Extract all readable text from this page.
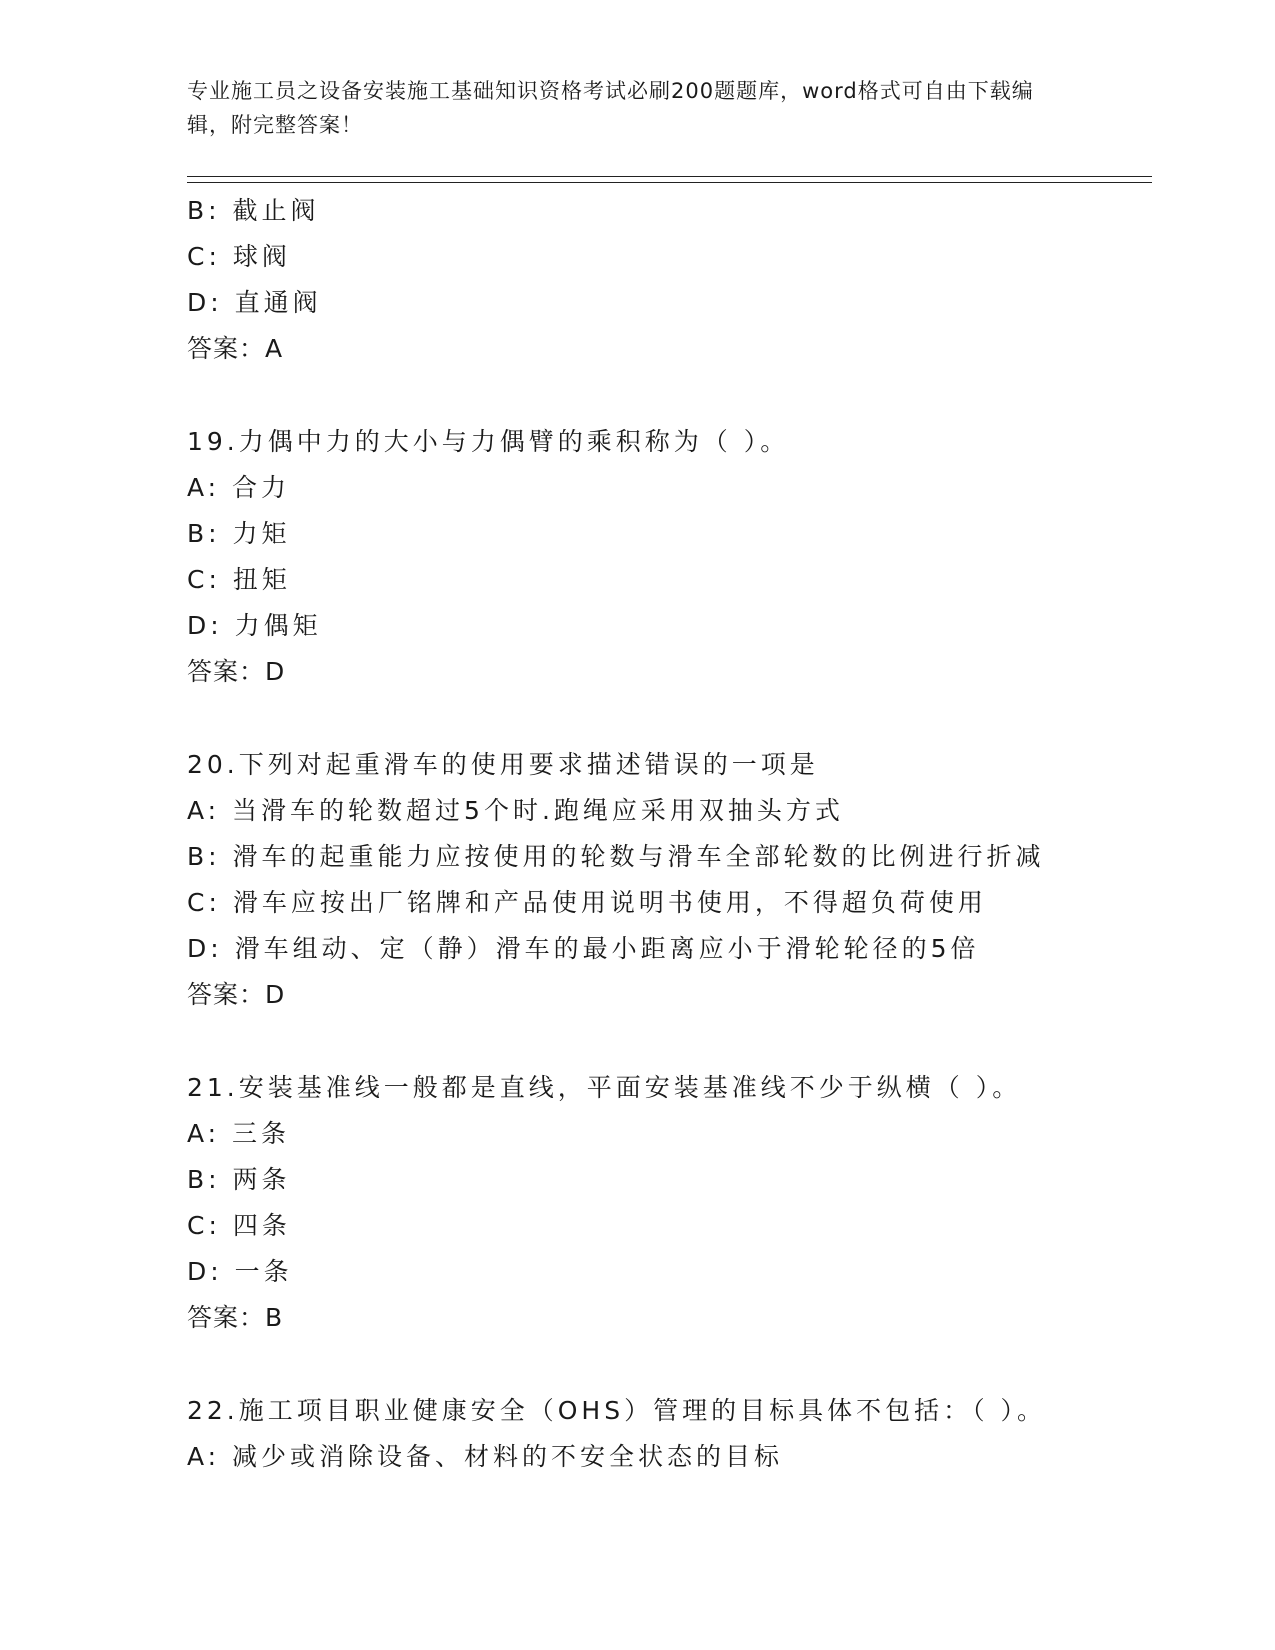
专业施工员之设备安装施工基础知识资格考试必刷200题题库，word格式可自由下载编辑，附完整答案！
B: 截止阀
C: 球阀
D: 直通阀
答案：A
19.力偶中力的大小与力偶臂的乘积称为（ ）。
A: 合力
B: 力矩
C: 扭矩
D: 力偶矩
答案：D
20.下列对起重滑车的使用要求描述错误的一项是
A: 当滑车的轮数超过5个时.跑绳应采用双抽头方式
B: 滑车的起重能力应按使用的轮数与滑车全部轮数的比例进行折减
C: 滑车应按出厂铭牌和产品使用说明书使用，不得超负荷使用
D: 滑车组动、定（静）滑车的最小距离应小于滑轮轮径的5倍
答案：D
21.安装基准线一般都是直线，平面安装基准线不少于纵横（ ）。
A: 三条
B: 两条
C: 四条
D: 一条
答案：B
22.施工项目职业健康安全（OHS）管理的目标具体不包括：（ ）。
A: 减少或消除设备、材料的不安全状态的目标
